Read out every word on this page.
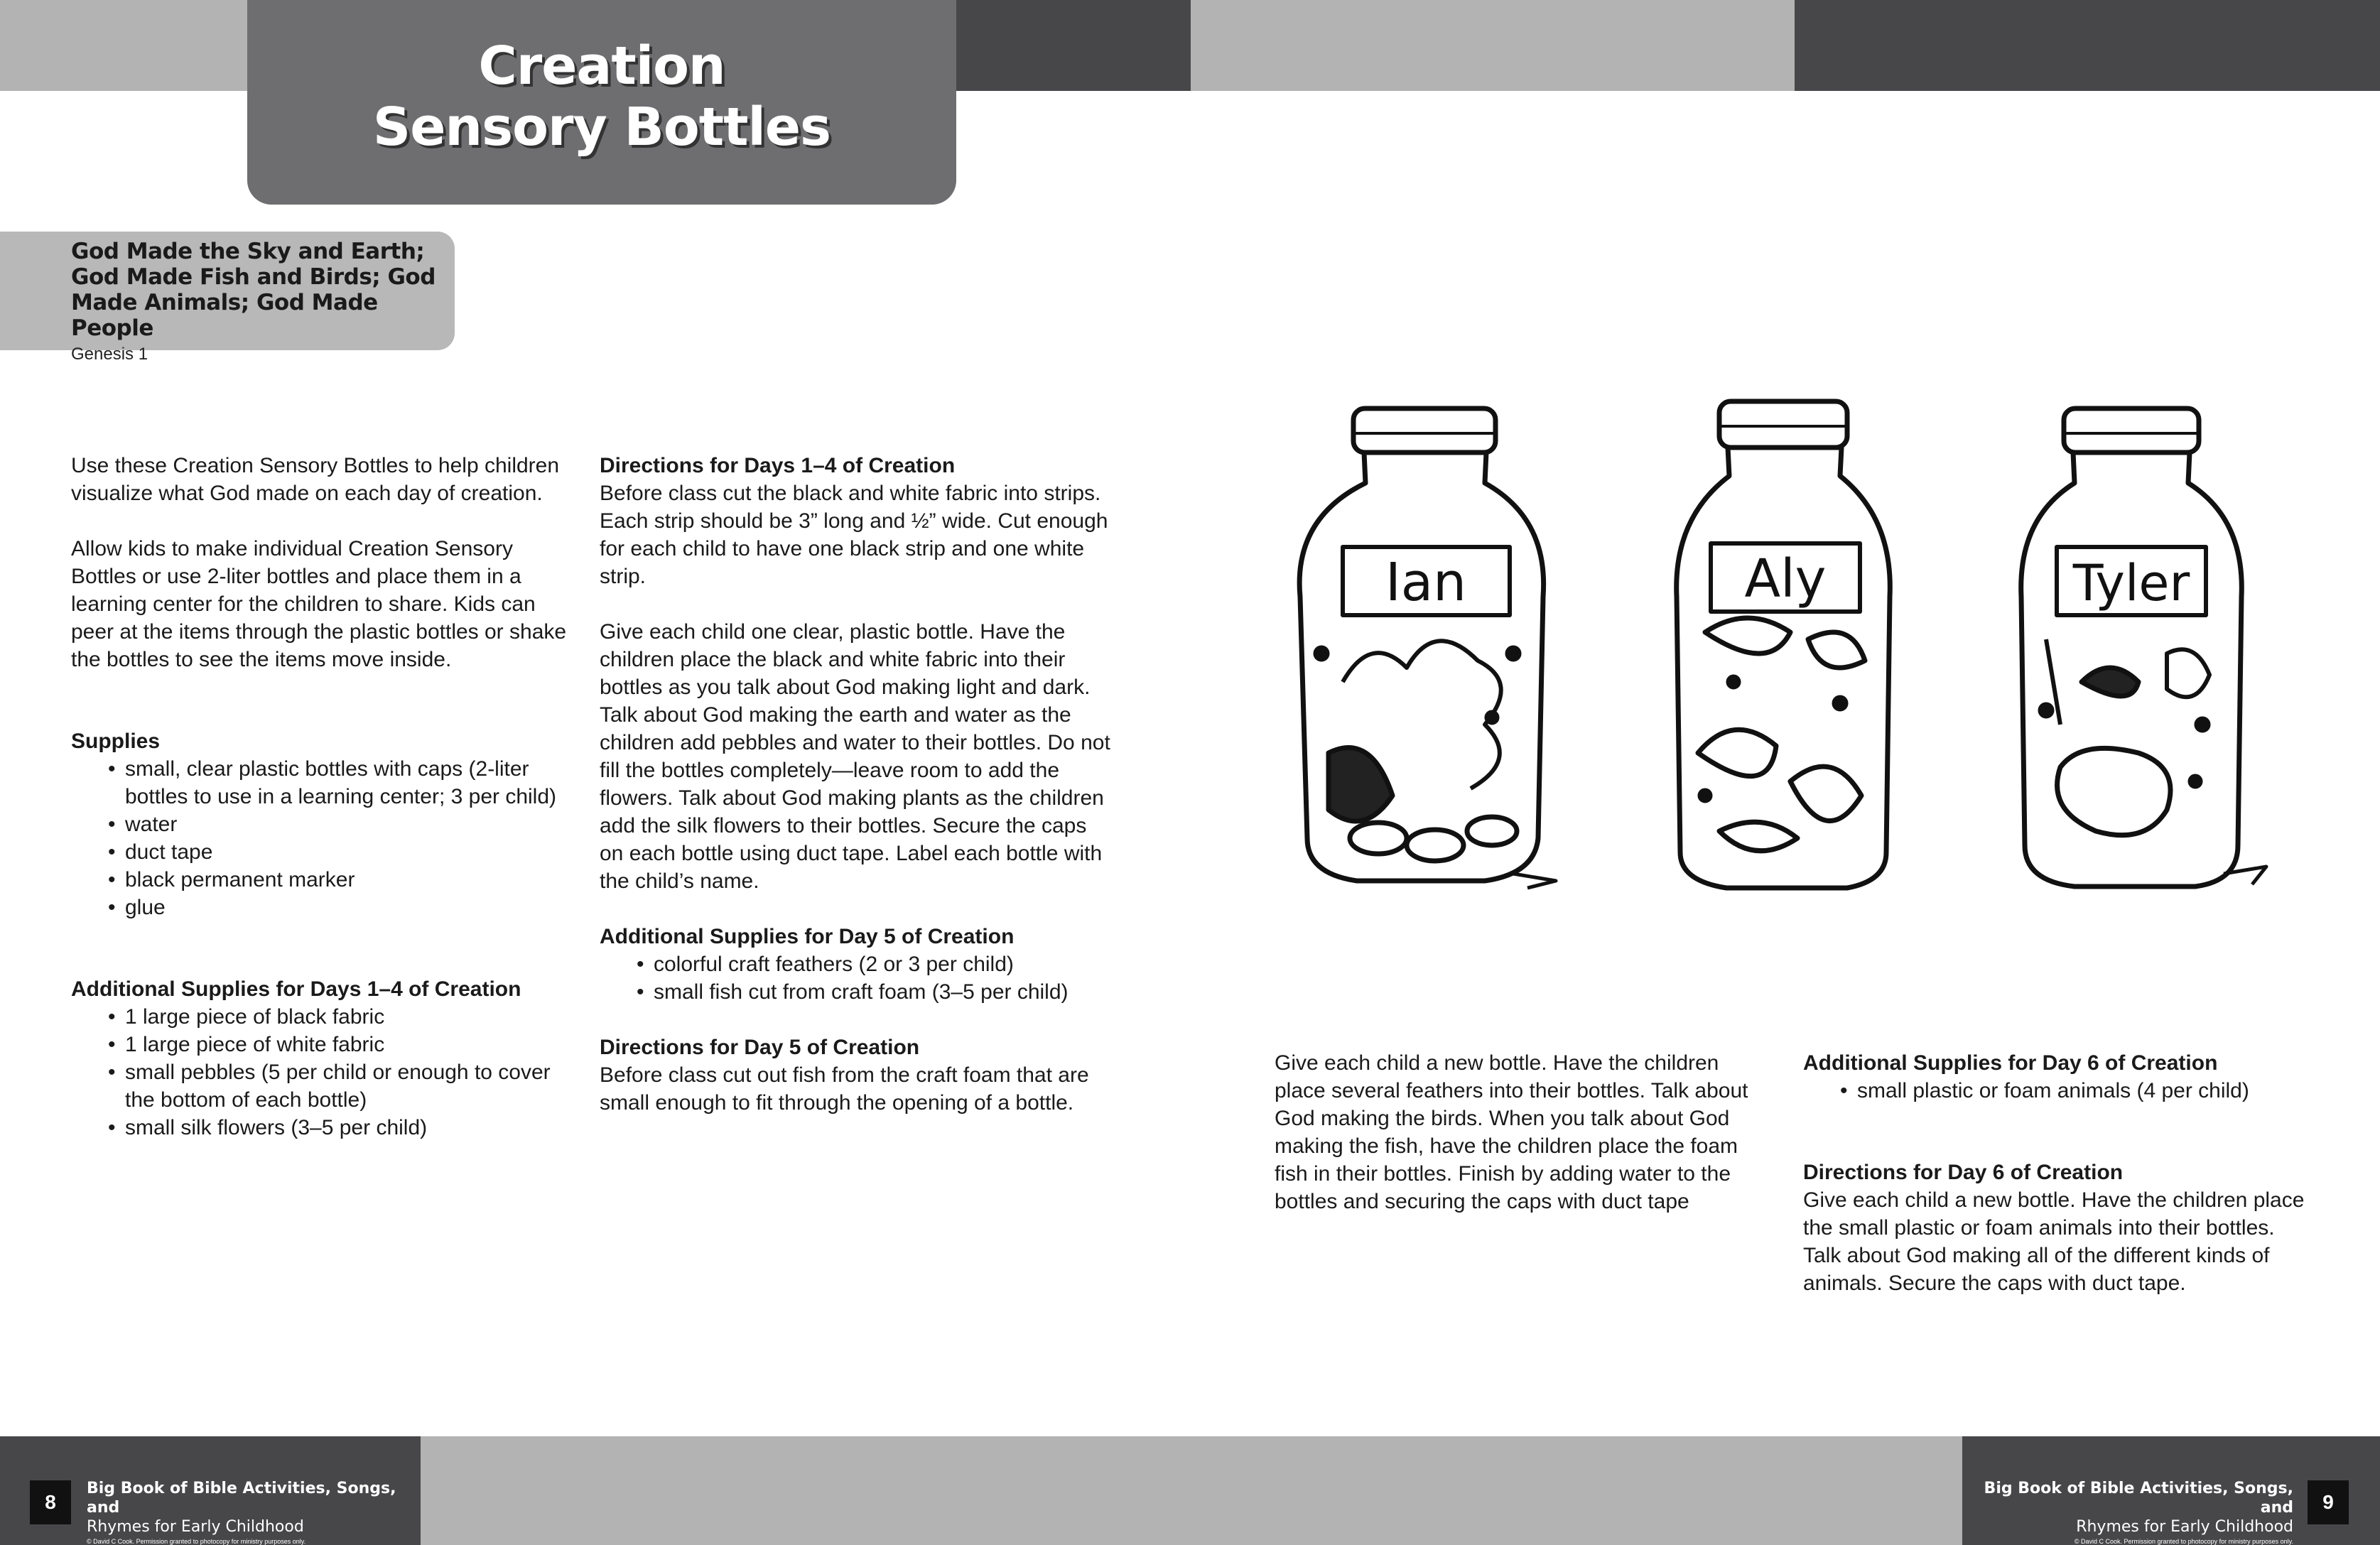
Creation
Sensory Bottles
God Made the Sky and Earth;
God Made Fish and Birds; God
Made Animals; God Made People
Genesis 1

Use these Creation Sensory Bottles to help children visualize what God made on each day of creation.

Allow kids to make individual Creation Sensory Bottles or use 2-liter bottles and place them in a learning center for the children to share. Kids can peer at the items through the plastic bottles or shake the bottles to see the items move inside.

Supplies
• small, clear plastic bottles with caps (2-liter bottles to use in a learning center; 3 per child)
• water
• duct tape
• black permanent marker
• glue
Additional Supplies for Days 1–4 of Creation
• 1 large piece of black fabric
• 1 large piece of white fabric
• small pebbles (5 per child or enough to cover the bottom of each bottle)
• small silk flowers (3–5 per child)
Directions for Days 1–4 of Creation

Before class cut the black and white fabric into strips. Each strip should be 3” long and ½” wide. Cut enough for each child to have one black strip and one white strip.

Give each child one clear, plastic bottle. Have the children place the black and white fabric into their bottles as you talk about God making light and dark. Talk about God making the earth and water as the children add pebbles and water to their bottles. Do not fill the bottles completely—leave room to add the flowers. Talk about God making plants as the children add the silk flowers to their bottles. Secure the caps on each bottle using duct tape. Label each bottle with the child’s name.

Additional Supplies for Day 5 of Creation
• colorful craft feathers (2 or 3 per child)
• small fish cut from craft foam (3–5 per child)
Directions for Day 5 of Creation

Before class cut out fish from the craft foam that are small enough to fit through the opening of a bottle.

Ian	Aly	Tyler

Give each child a new bottle. Have the children place several feathers into their bottles. Talk about God making the birds. When you talk about God making the fish, have the children place the foam fish in their bottles. Finish by adding water to the bottles and securing the caps with duct tape

Additional Supplies for Day 6 of Creation
• small plastic or foam animals (4 per child)
Directions for Day 6 of Creation

Give each child a new bottle. Have the children place the small plastic or foam animals into their bottles. Talk about God making all of the different kinds of animals. Secure the caps with duct tape.

8	9
Big Book of Bible Activities, Songs, and
Rhymes for Early Childhood
© David C Cook. Permission granted to photocopy for ministry purposes only.
Big Book of Bible Activities, Songs, and
Rhymes for Early Childhood
© David C Cook. Permission granted to photocopy for ministry purposes only.
